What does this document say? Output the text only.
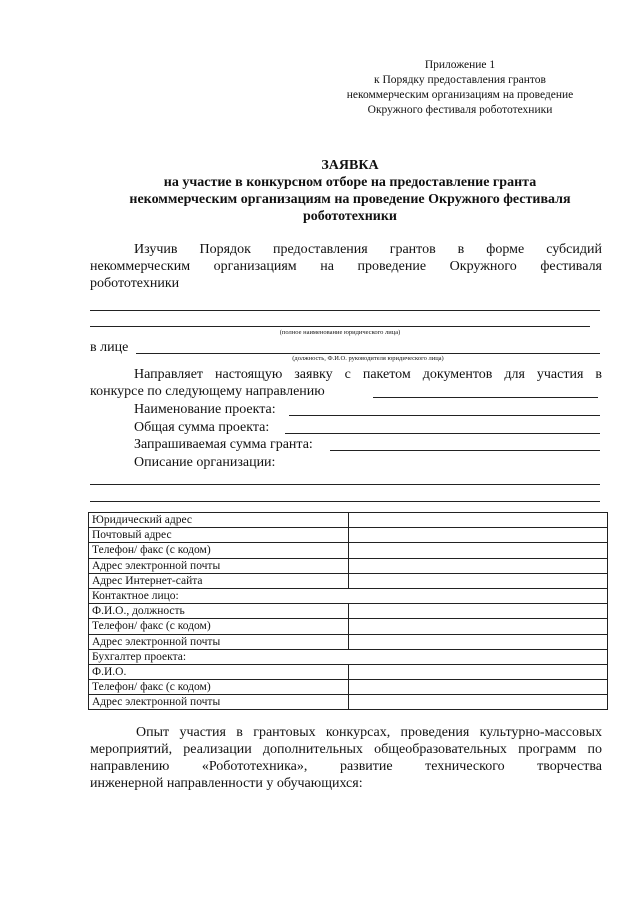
Приложение 1
к Порядку предоставления грантов
некоммерческим организациям на проведение
Окружного фестиваля робототехники
ЗАЯВКА
на участие в конкурсном отборе на предоставление гранта
некоммерческим организациям на проведение Окружного фестиваля
робототехники
Изучив Порядок предоставления грантов в форме субсидий
некоммерческим организациям на проведение Окружного фестиваля
робототехники
(полное наименование юридического лица)
в лице
(должность, Ф.И.О. руководителя юридического лица)
Направляет настоящую заявку с пакетом документов для участия в
конкурсе по следующему направлению
Наименование проекта:
Общая сумма проекта:
Запрашиваемая сумма гранта:
Описание организации:
Юридический адрес	
Почтовый адрес	
Телефон/ факс (с кодом)	
Адрес электронной почты	
Адрес Интернет-сайта	
Контактное лицо:	
Ф.И.О., должность	
Телефон/ факс (с кодом)	
Адрес электронной почты	
Бухгалтер проекта:	
Ф.И.О.	
Телефон/ факс (с кодом)	
Адрес электронной почты	
Опыт участия в грантовых конкурсах, проведения культурно-массовых
мероприятий, реализации дополнительных общеобразовательных программ по
направлению «Робототехника», развитие технического творчества
инженерной направленности у обучающихся:
